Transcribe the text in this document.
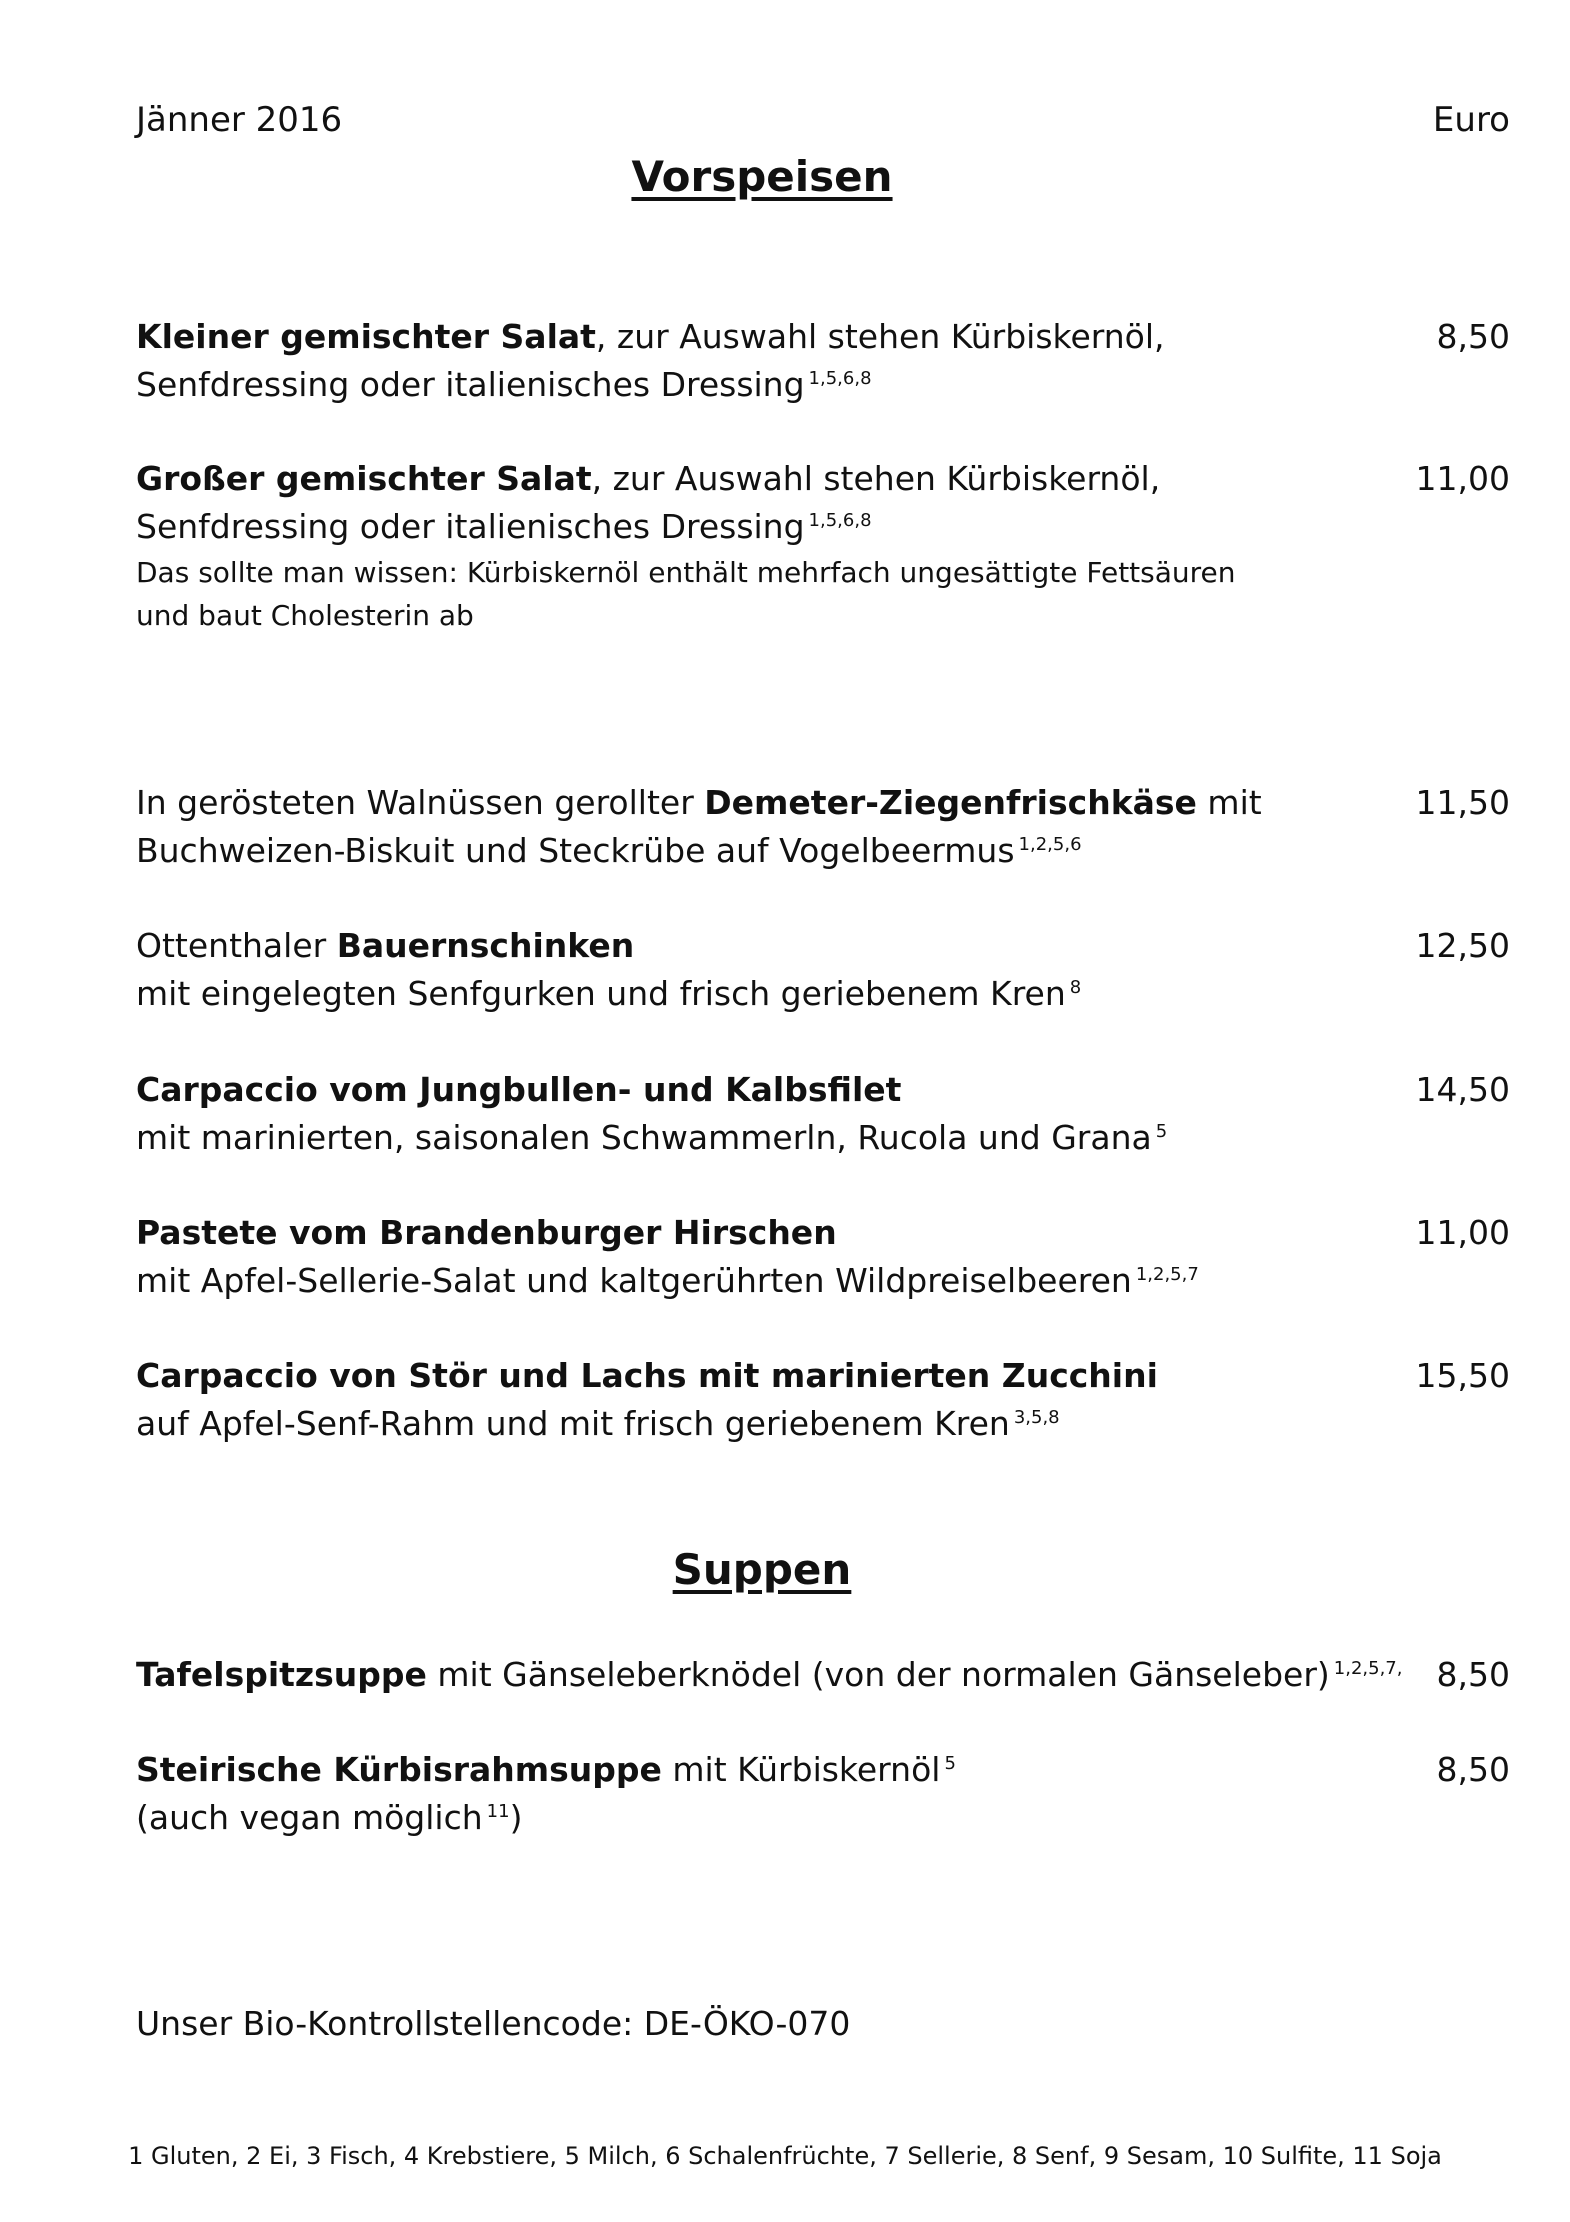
Jänner 2016	Euro
Vorspeisen
Kleiner gemischter Salat, zur Auswahl stehen Kürbiskernöl,
Senfdressing oder italienisches Dressing $^{1,5,6,8}$
8,50
Großer gemischter Salat, zur Auswahl stehen Kürbiskernöl,
Senfdressing oder italienisches Dressing $^{1,5,6,8}$
Das sollte man wissen: Kürbiskernöl enthält mehrfach ungesättigte Fettsäuren
und baut Cholesterin ab
11,00
In gerösteten Walnüssen gerollter Demeter-Ziegenfrischkäse mit
Buchweizen-Biskuit und Steckrübe auf Vogelbeermus $^{1,2,5,6}$
11,50
Ottenthaler Bauernschinken
mit eingelegten Senfgurken und frisch geriebenem Kren $^8$
12,50
Carpaccio vom Jungbullen- und Kalbsfilet
mit marinierten, saisonalen Schwammerln, Rucola und Grana $^5$
14,50
Pastete vom Brandenburger Hirschen
mit Apfel-Sellerie-Salat und kaltgerührten Wildpreiselbeeren $^{1,2,5,7}$
11,00
Carpaccio von Stör und Lachs mit marinierten Zucchini
auf Apfel-Senf-Rahm und mit frisch geriebenem Kren $^{3,5,8}$
15,50
Suppen
Tafelspitzsuppe mit Gänseleberknödel (von der normalen Gänseleber) $^{1,2,5,7,}$	8,50
Steirische Kürbisrahmsuppe mit Kürbiskernöl $^5$
(auch vegan möglich $^{11}$)
8,50
Unser Bio-Kontrollstellencode: DE-ÖKO-070
1 Gluten, 2 Ei, 3 Fisch, 4 Krebstiere, 5 Milch, 6 Schalenfrüchte, 7 Sellerie, 8 Senf, 9 Sesam, 10 Sulfite, 11 Soja
